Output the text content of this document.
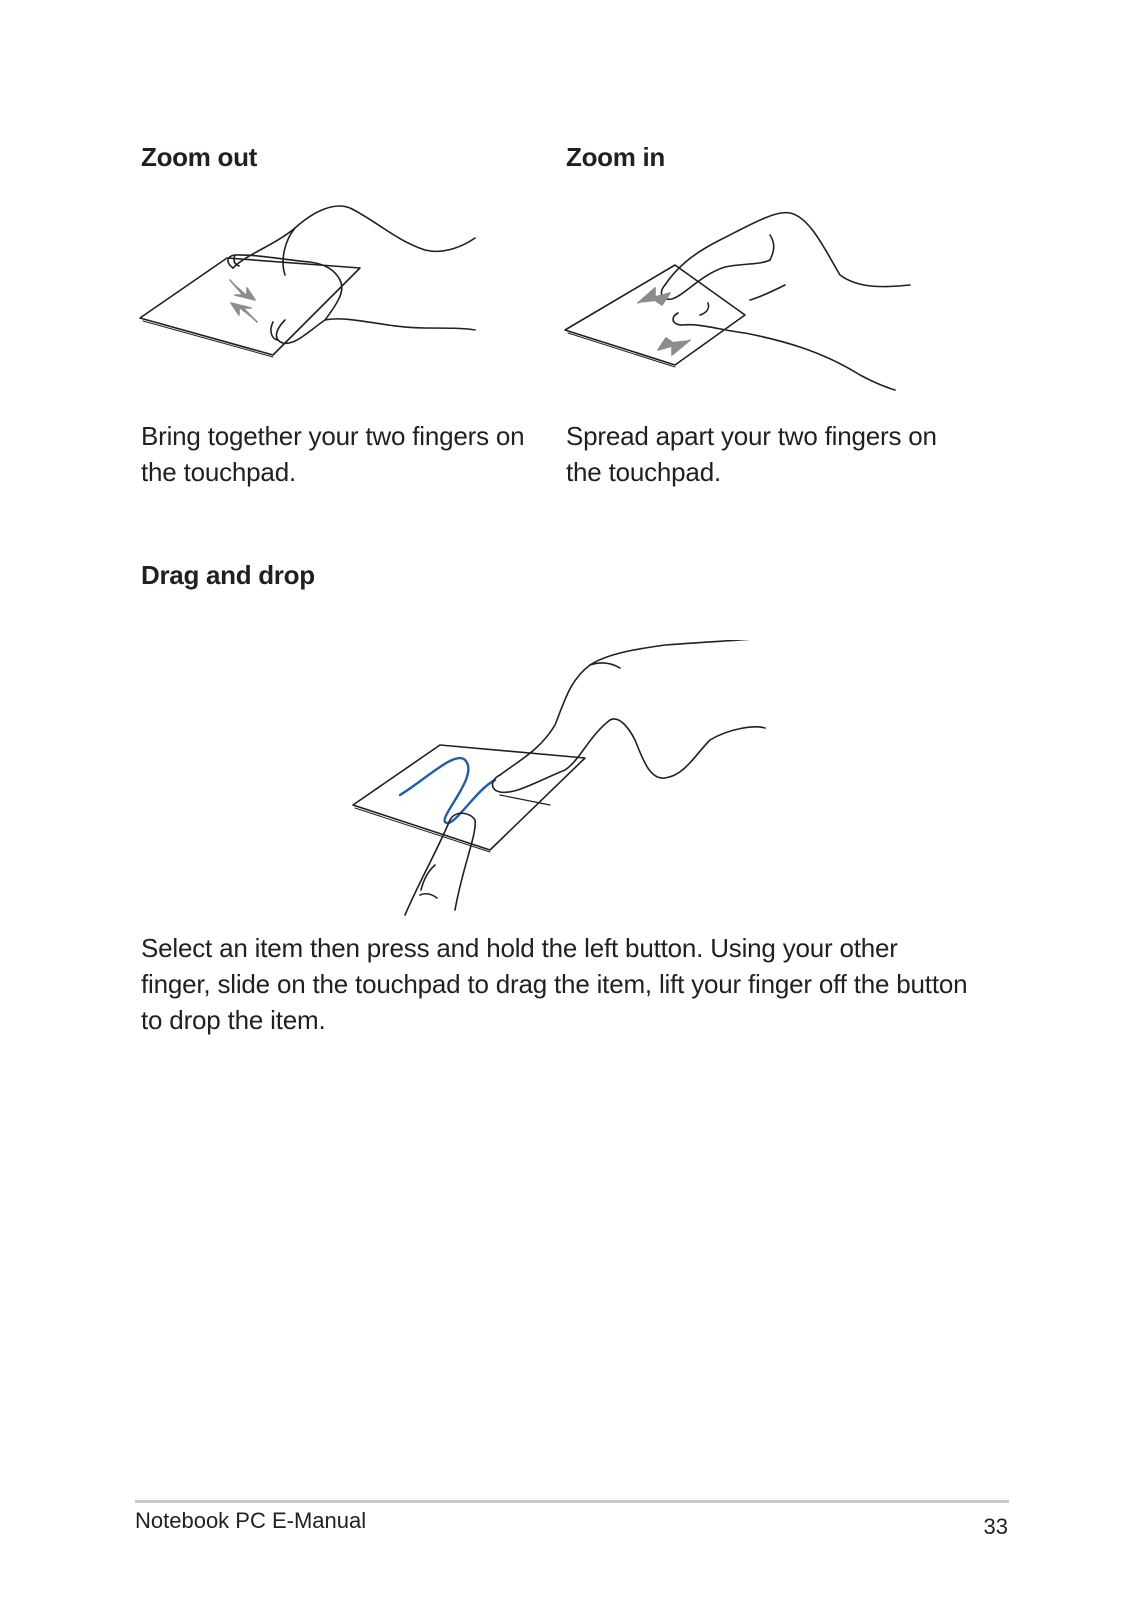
Zoom out

Bring together your two fingers on the touchpad.

Zoom in

Spread apart your two fingers on the touchpad.

Drag and drop

Select an item then press and hold the left button. Using your other finger, slide on the touchpad to drag the item, lift your finger off the button to drop the item.

Notebook PC E-Manual	33
